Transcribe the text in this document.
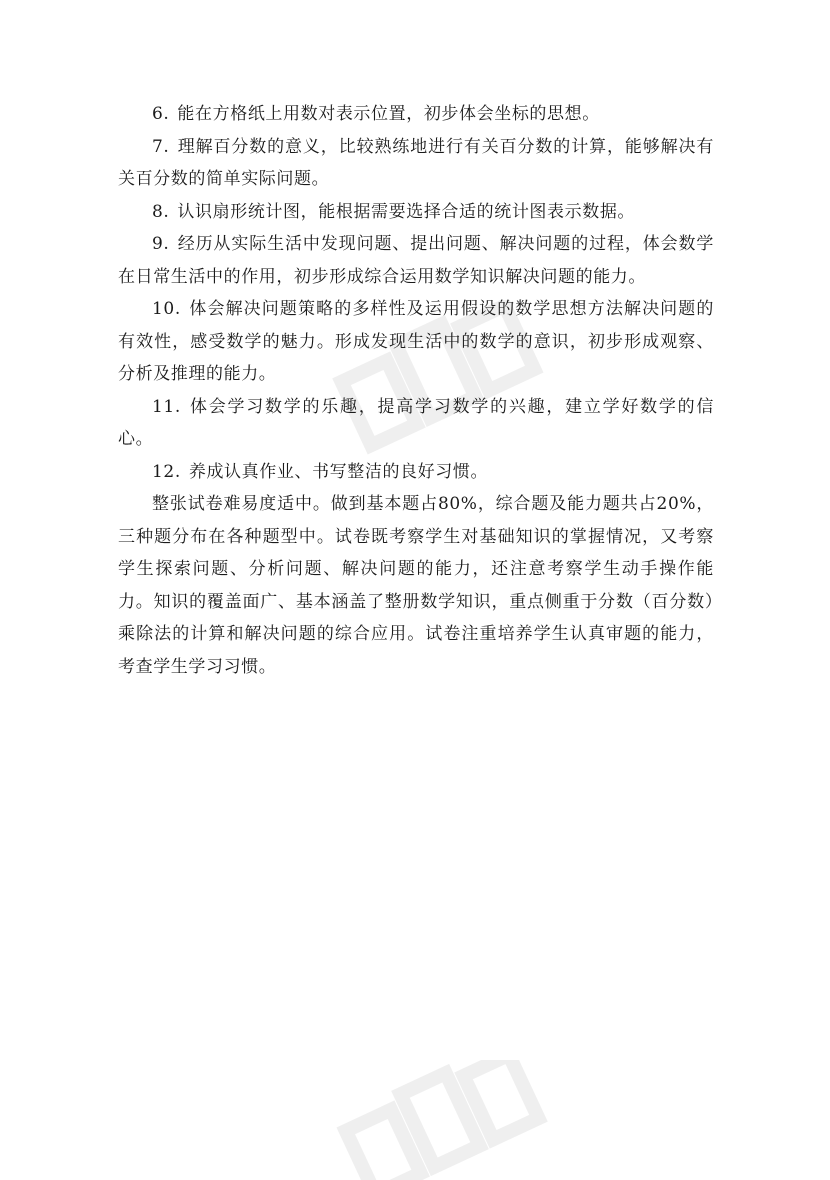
6. 能在方格纸上用数对表示位置，初步体会坐标的思想。

7. 理解百分数的意义，比较熟练地进行有关百分数的计算，能够解决有关百分数的简单实际问题。

8. 认识扇形统计图，能根据需要选择合适的统计图表示数据。

9. 经历从实际生活中发现问题、提出问题、解决问题的过程，体会数学在日常生活中的作用，初步形成综合运用数学知识解决问题的能力。

10. 体会解决问题策略的多样性及运用假设的数学思想方法解决问题的有效性，感受数学的魅力。形成发现生活中的数学的意识，初步形成观察、分析及推理的能力。

11. 体会学习数学的乐趣，提高学习数学的兴趣，建立学好数学的信心。

12. 养成认真作业、书写整洁的良好习惯。

整张试卷难易度适中。做到基本题占80%，综合题及能力题共占20%，三种题分布在各种题型中。试卷既考察学生对基础知识的掌握情况，又考察学生探索问题、分析问题、解决问题的能力，还注意考察学生动手操作能力。知识的覆盖面广、基本涵盖了整册数学知识，重点侧重于分数（百分数）乘除法的计算和解决问题的综合应用。试卷注重培养学生认真审题的能力，考查学生学习习惯。
